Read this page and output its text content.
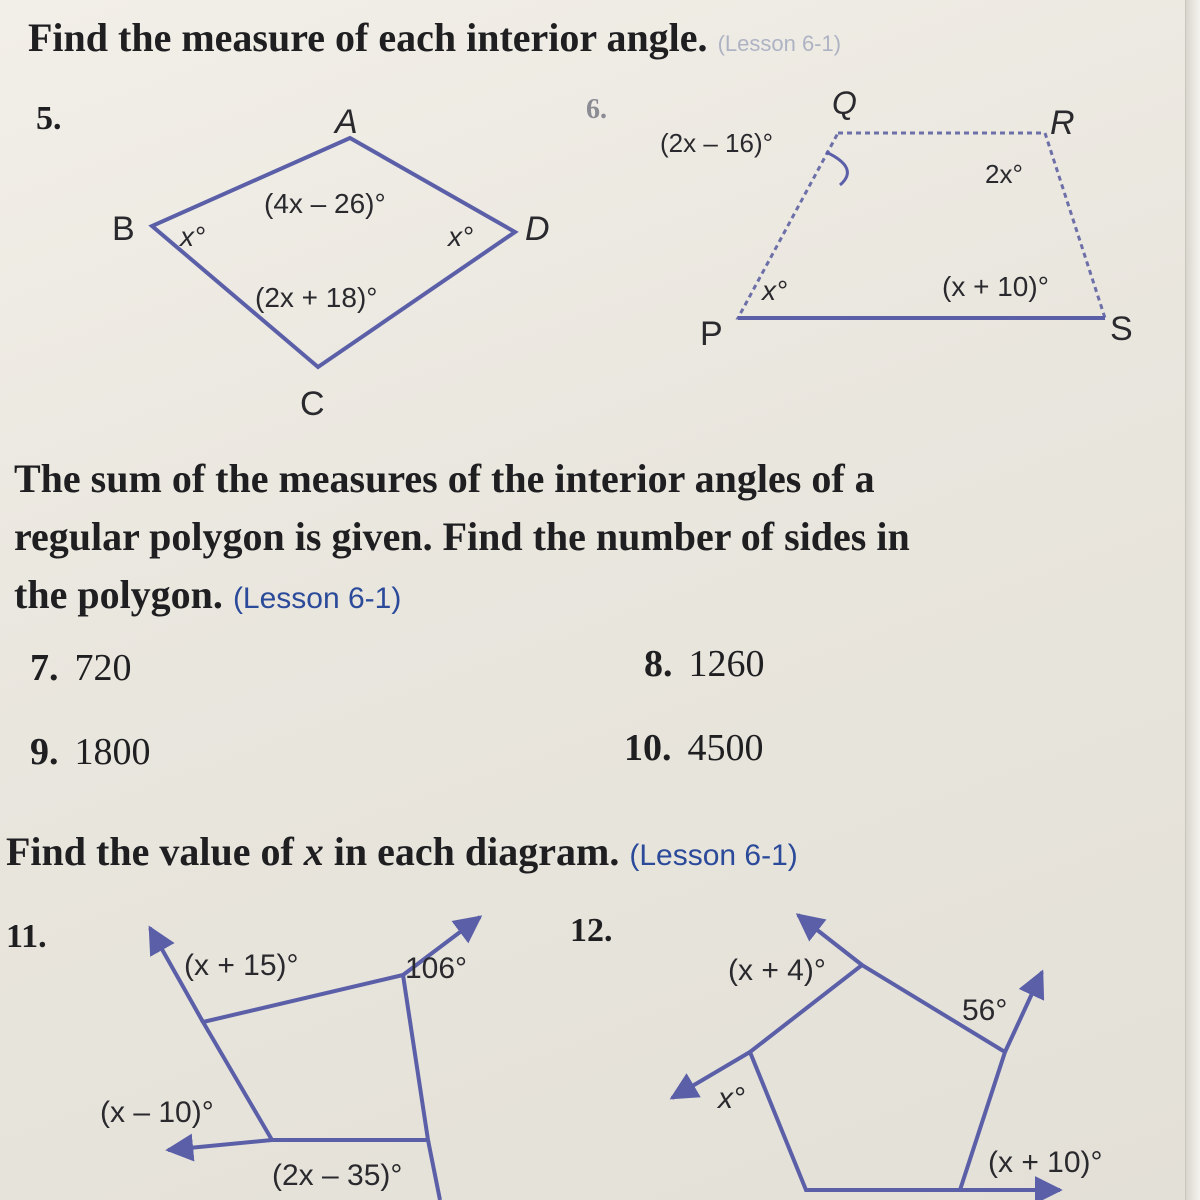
Find the measure of each interior angle. (Lesson 6-1)
5.	6.
A
B
C
D
(4x – 26)°
x°	x°
(2x + 18)°
Q
R
P	S
(2x – 16)°
2x°
x°	(x + 10)°
(x + 15)°	106°
(x – 10)°
(2x – 35)°
(x + 4)°
56°
x°
(x + 10)°
The sum of the measures of the interior angles of a
regular polygon is given. Find the number of sides in
the polygon. (Lesson 6-1)
7. 720	8. 1260
9. 1800	10. 4500
Find the value of x in each diagram. (Lesson 6-1)
11.	12.
